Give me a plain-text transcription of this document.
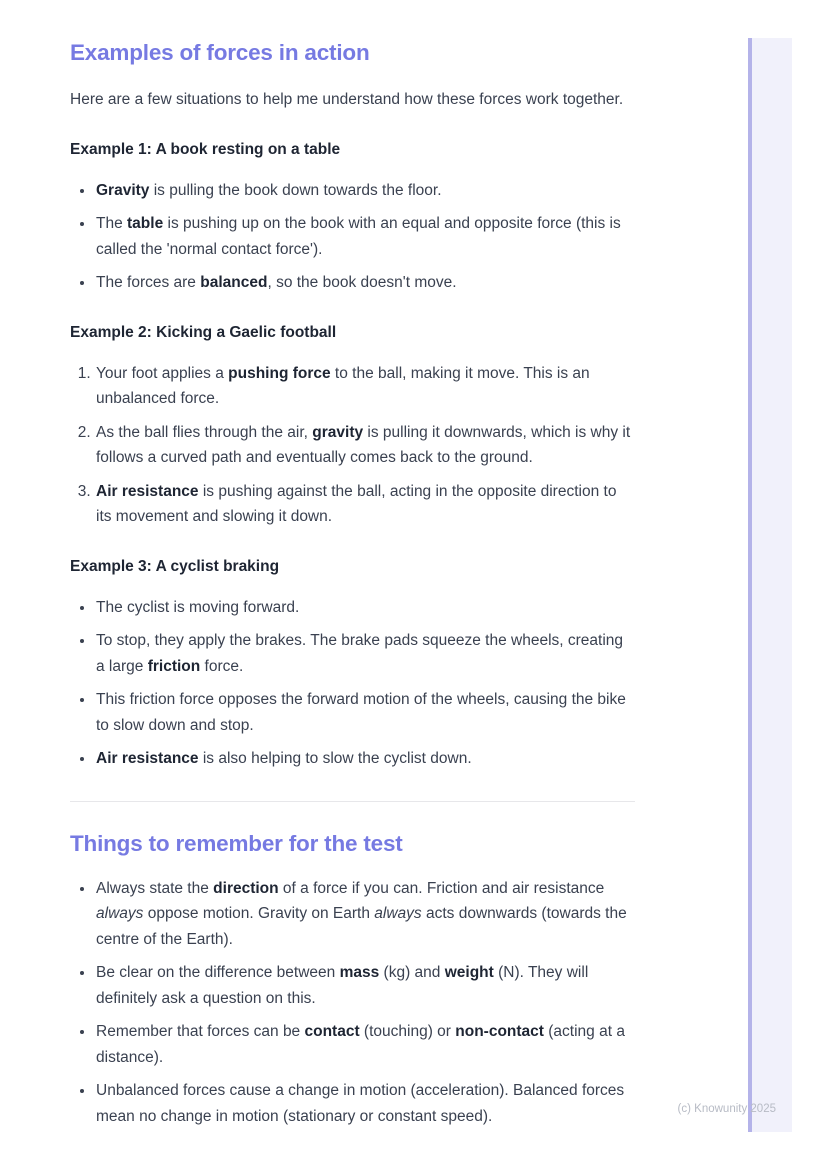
Examples of forces in action

Here are a few situations to help me understand how these forces work together.

Example 1: A book resting on a table
• Gravity is pulling the book down towards the floor.
• The table is pushing up on the book with an equal and opposite force (this is called the 'normal contact force').
• The forces are balanced, so the book doesn't move.
Example 2: Kicking a Gaelic football
1. Your foot applies a pushing force to the ball, making it move. This is an unbalanced force.
2. As the ball flies through the air, gravity is pulling it downwards, which is why it follows a curved path and eventually comes back to the ground.
3. Air resistance is pushing against the ball, acting in the opposite direction to its movement and slowing it down.
Example 3: A cyclist braking
• The cyclist is moving forward.
• To stop, they apply the brakes. The brake pads squeeze the wheels, creating a large friction force.
• This friction force opposes the forward motion of the wheels, causing the bike to slow down and stop.
• Air resistance is also helping to slow the cyclist down.
Things to remember for the test
• Always state the direction of a force if you can. Friction and air resistance always oppose motion. Gravity on Earth always acts downwards (towards the centre of the Earth).
• Be clear on the difference between mass (kg) and weight (N). They will definitely ask a question on this.
• Remember that forces can be contact (touching) or non-contact (acting at a distance).
• Unbalanced forces cause a change in motion (acceleration). Balanced forces mean no change in motion (stationary or constant speed).	(c) Knowunity 2025
